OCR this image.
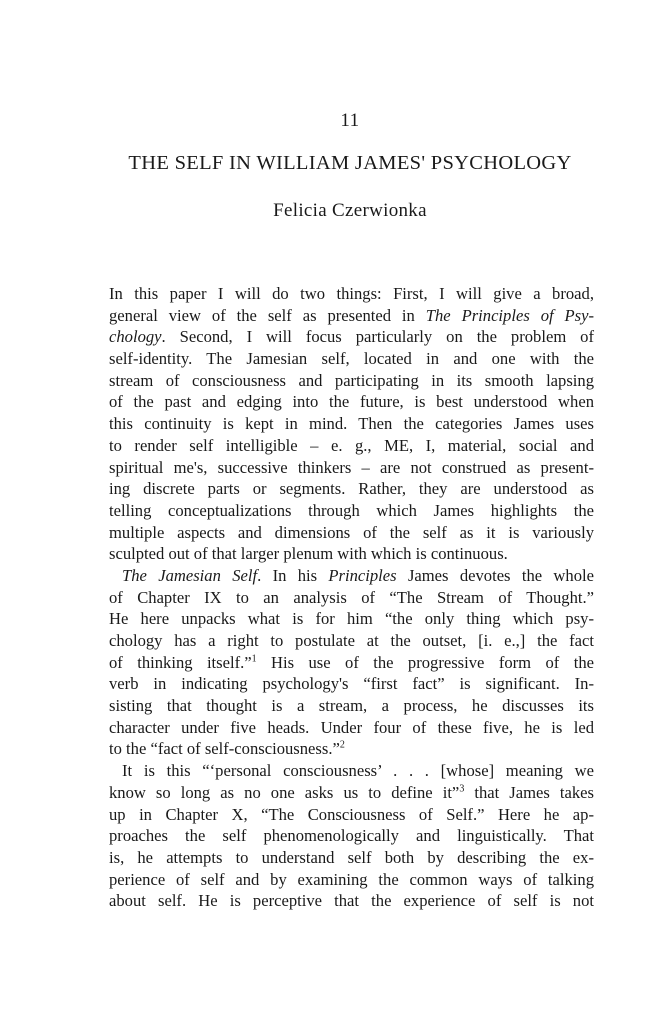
11
THE SELF IN WILLIAM JAMES' PSYCHOLOGY
Felicia Czerwionka
In this paper I will do two things: First, I will give a broad,
general view of the self as presented in The Principles of Psy-
chology. Second, I will focus particularly on the problem of
self-identity. The Jamesian self, located in and one with the
stream of consciousness and participating in its smooth lapsing
of the past and edging into the future, is best understood when
this continuity is kept in mind. Then the categories James uses
to render self intelligible – e. g., ME, I, material, social and
spiritual me's, successive thinkers – are not construed as present-
ing discrete parts or segments. Rather, they are understood as
telling conceptualizations through which James highlights the
multiple aspects and dimensions of the self as it is variously
sculpted out of that larger plenum with which is continuous.
The Jamesian Self. In his Principles James devotes the whole
of Chapter IX to an analysis of “The Stream of Thought.”
He here unpacks what is for him “the only thing which psy-
chology has a right to postulate at the outset, [i. e.,] the fact
of thinking itself.”$^1$ His use of the progressive form of the
verb in indicating psychology's “first fact” is significant. In-
sisting that thought is a stream, a process, he discusses its
character under five heads. Under four of these five, he is led
to the “fact of self-consciousness.”$^2$
It is this “‘personal consciousness’ . . . [whose] meaning we
know so long as no one asks us to define it”$^3$ that James takes
up in Chapter X, “The Consciousness of Self.” Here he ap-
proaches the self phenomenologically and linguistically. That
is, he attempts to understand self both by describing the ex-
perience of self and by examining the common ways of talking
about self. He is perceptive that the experience of self is not
